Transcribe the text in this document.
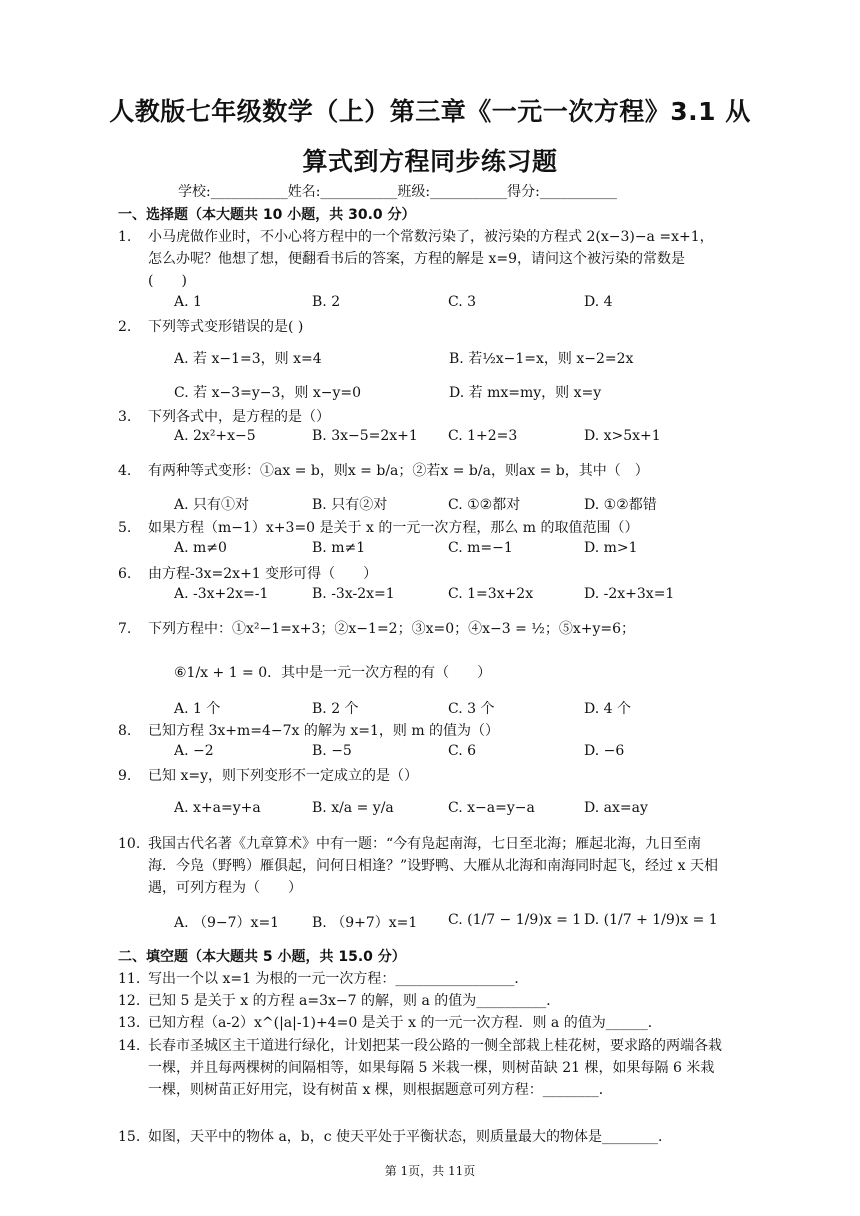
人教版七年级数学（上）第三章《一元一次方程》3.1 从
算式到方程同步练习题
学校:___________姓名:___________班级:___________得分:___________
一、选择题（本大题共 10 小题，共 30.0 分）
1.	小马虎做作业时，不小心将方程中的一个常数污染了，被污染的方程式 2(x−3)−a =x+1，怎么办呢？他想了想，便翻看书后的答案，方程的解是 x=9，请问这个被污染的常数是(　　)
A. 1	B. 2	C. 3	D. 4
2.	下列等式变形错误的是( )
A. 若 x−1=3，则 x=4	B. 若½x−1=x，则 x−2=2x
C. 若 x−3=y−3，则 x−y=0	D. 若 mx=my，则 x=y
3.	下列各式中，是方程的是（）
A. 2x²+x−5	B. 3x−5=2x+1 C. 1+2=3	D. x>5x+1
4.	有两种等式变形：①ax = b，则x = b/a；②若x = b/a，则ax = b，其中（　）
A. 只有①对	B. 只有②对	C. ①②都对	D. ①②都错
5.	如果方程（m−1）x+3=0 是关于 x 的一元一次方程，那么 m 的取值范围（）
A. m≠0	B. m≠1	C. m=−1	D. m>1
6.	由方程-3x=2x+1 变形可得（　　）
A. -3x+2x=-1	B. -3x-2x=1	C. 1=3x+2x	D. -2x+3x=1
7.	下列方程中：①x²−1=x+3；②x−1=2；③x=0；④x−3 = ½；⑤x+y=6；
⑥1/x + 1 = 0．其中是一元一次方程的有（　　）
A. 1 个	B. 2 个	C. 3 个	D. 4 个
8.	已知方程 3x+m=4−7x 的解为 x=1，则 m 的值为（）
A. −2	B. −5	C. 6	D. −6
9.	已知 x=y，则下列变形不一定成立的是（）
A. x+a=y+a	B. x/a = y/a	C. x−a=y−a	D. ax=ay
10. 我国古代名著《九章算术》中有一题：“今有凫起南海，七日至北海；雁起北海，九日至南海．今凫（野鸭）雁俱起，问何日相逢？”设野鸭、大雁从北海和南海同时起飞，经过 x 天相遇，可列方程为（　　）
A. （9−7）x=1 B. （9+7）x=1 C. (1/7 − 1/9)x = 1 D. (1/7 + 1/9)x = 1
二、填空题（本大题共 5 小题，共 15.0 分）
11. 写出一个以 x=1 为根的一元一次方程：_________________．
12. 已知 5 是关于 x 的方程 a=3x−7 的解，则 a 的值为__________．
13. 已知方程（a-2）x^(|a|-1)+4=0 是关于 x 的一元一次方程．则 a 的值为______．
14. 长春市圣城区主干道进行绿化，计划把某一段公路的一侧全部栽上桂花树，要求路的两端各栽一棵，并且每两棵树的间隔相等，如果每隔 5 米栽一棵，则树苗缺 21 棵，如果每隔 6 米栽一棵，则树苗正好用完，设有树苗 x 棵，则根据题意可列方程：________．
15. 如图，天平中的物体 a，b，c 使天平处于平衡状态，则质量最大的物体是________．
第 1页，共 11页
